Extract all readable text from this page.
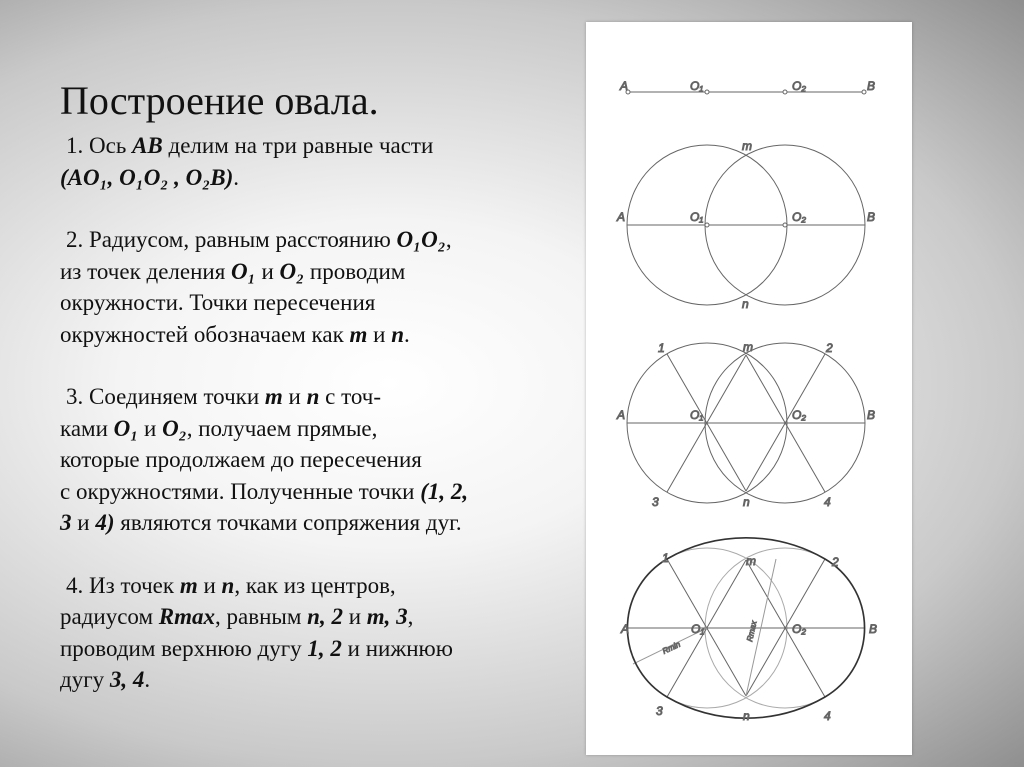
Построение овала.

1. Ось AB делим на три равные части
(AO₁, O₁O₂ , O₂B).

2. Радиусом, равным расстоянию O₁O₂,
из точек деления O₁ и O₂ проводим
окружности. Точки пересечения
окружностей обозначаем как m и n.

3. Соединяем точки m и n с точ-
ками O₁ и O₂, получаем прямые,
которые продолжаем до пересечения
с окружностями. Полученные точки (1, 2,
3 и 4) являются точками сопряжения дуг.

4. Из точек m и n, как из центров,
радиусом Rmax, равным n, 2 и m, 3,
проводим верхнюю дугу 1, 2 и нижнюю
дугу 3, 4.

A	O₁	O₂	B
A	O₁	O₂	B
m
n
1	m	2
A	O₁	O₂	B
3	n	4
1	m	2
A	O₁	O₂	B
3	n	4
Rmax
Rmin
